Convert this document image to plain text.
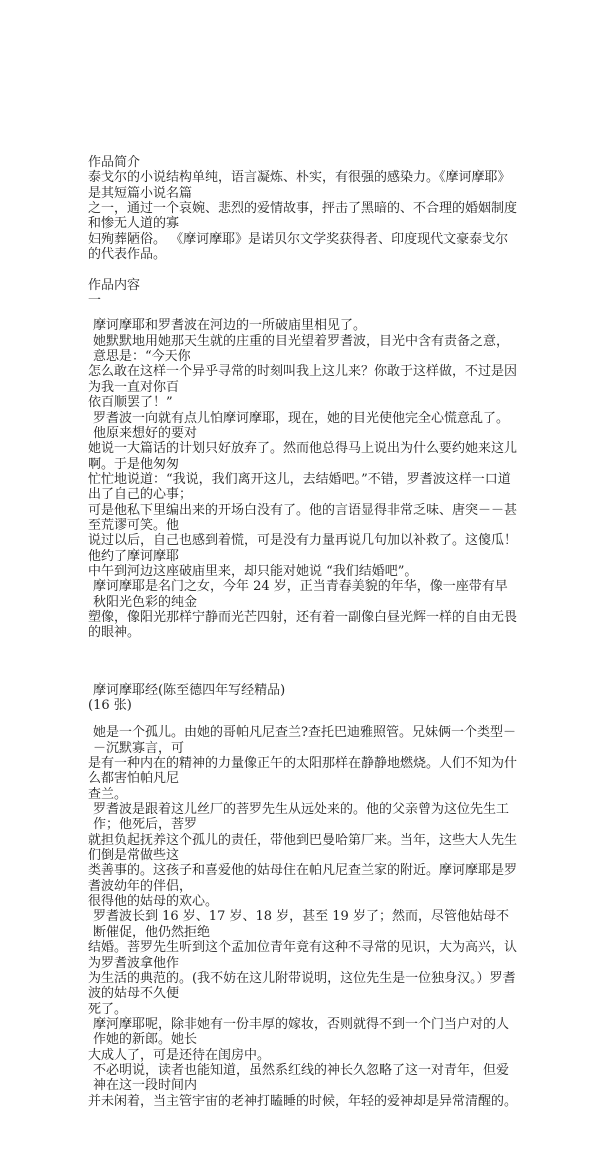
作品简介
泰戈尔的小说结构单纯，语言凝炼、朴实，有很强的感染力。《摩诃摩耶》是其短篇小说名篇
之一，通过一个哀婉、悲烈的爱情故事，抨击了黑暗的、不合理的婚姻制度和惨无人道的寡
妇殉葬陋俗。 《摩诃摩耶》是诺贝尔文学奖获得者、印度现代文豪泰戈尔的代表作品。
作品内容
一
摩诃摩耶和罗耆波在河边的一所破庙里相见了。
她默默地用她那天生就的庄重的目光望着罗耆波，目光中含有责备之意，意思是：“今天你
怎么敢在这样一个异乎寻常的时刻叫我上这儿来？你敢于这样做，不过是因为我一直对你百
依百顺罢了！”
罗耆波一向就有点儿怕摩诃摩耶，现在，她的目光使他完全心慌意乱了。他原来想好的要对
她说一大篇话的计划只好放弃了。然而他总得马上说出为什么要约她来这儿啊。于是他匆匆
忙忙地说道：“我说，我们离开这儿，去结婚吧。”不错，罗耆波这样一口道出了自己的心事；
可是他私下里编出来的开场白没有了。他的言语显得非常乏味、唐突－－甚至荒谬可笑。他
说过以后，自己也感到着慌，可是没有力量再说几句加以补救了。这傻瓜！他约了摩诃摩耶
中午到河边这座破庙里来，却只能对她说 “我们结婚吧”。
摩诃摩耶是名门之女，今年 24 岁，正当青春美貌的年华，像一座带有早秋阳光色彩的纯金
塑像，像阳光那样宁静而光芒四射，还有着一副像白昼光辉一样的自由无畏的眼神。
摩诃摩耶经(陈至德四年写经精品)
(16 张)
她是一个孤儿。由她的哥帕凡尼查兰?查托巴迪雅照管。兄妹俩一个类型－－沉默寡言，可
是有一种内在的精神的力量像正午的太阳那样在静静地燃烧。人们不知为什么都害怕帕凡尼
查兰。
罗耆波是跟着这儿丝厂的菩罗先生从远处来的。他的父亲曾为这位先生工作；他死后，菩罗
就担负起抚养这个孤儿的责任，带他到巴曼哈第厂来。当年，这些大人先生们倒是常做些这
类善事的。这孩子和喜爱他的姑母住在帕凡尼查兰家的附近。摩诃摩耶是罗耆波幼年的伴侣，
很得他的姑母的欢心。
罗耆波长到 16 岁、17 岁、18 岁，甚至 19 岁了；然而，尽管他姑母不断催促，他仍然拒绝
结婚。菩罗先生听到这个孟加位青年竟有这种不寻常的见识，大为高兴，认为罗耆波拿他作
为生活的典范的。(我不妨在这儿附带说明，这位先生是一位独身汉。）罗耆波的姑母不久便
死了。
摩河摩耶呢，除非她有一份丰厚的嫁妆，否则就得不到一个门当户对的人作她的新郎。她长
大成人了，可是还待在闺房中。
不必明说，读者也能知道，虽然系红线的神长久忽略了这一对青年，但爱神在这一段时间内
并未闲着，当主管宇宙的老神打瞌睡的时候，年轻的爱神却是异常清醒的。
